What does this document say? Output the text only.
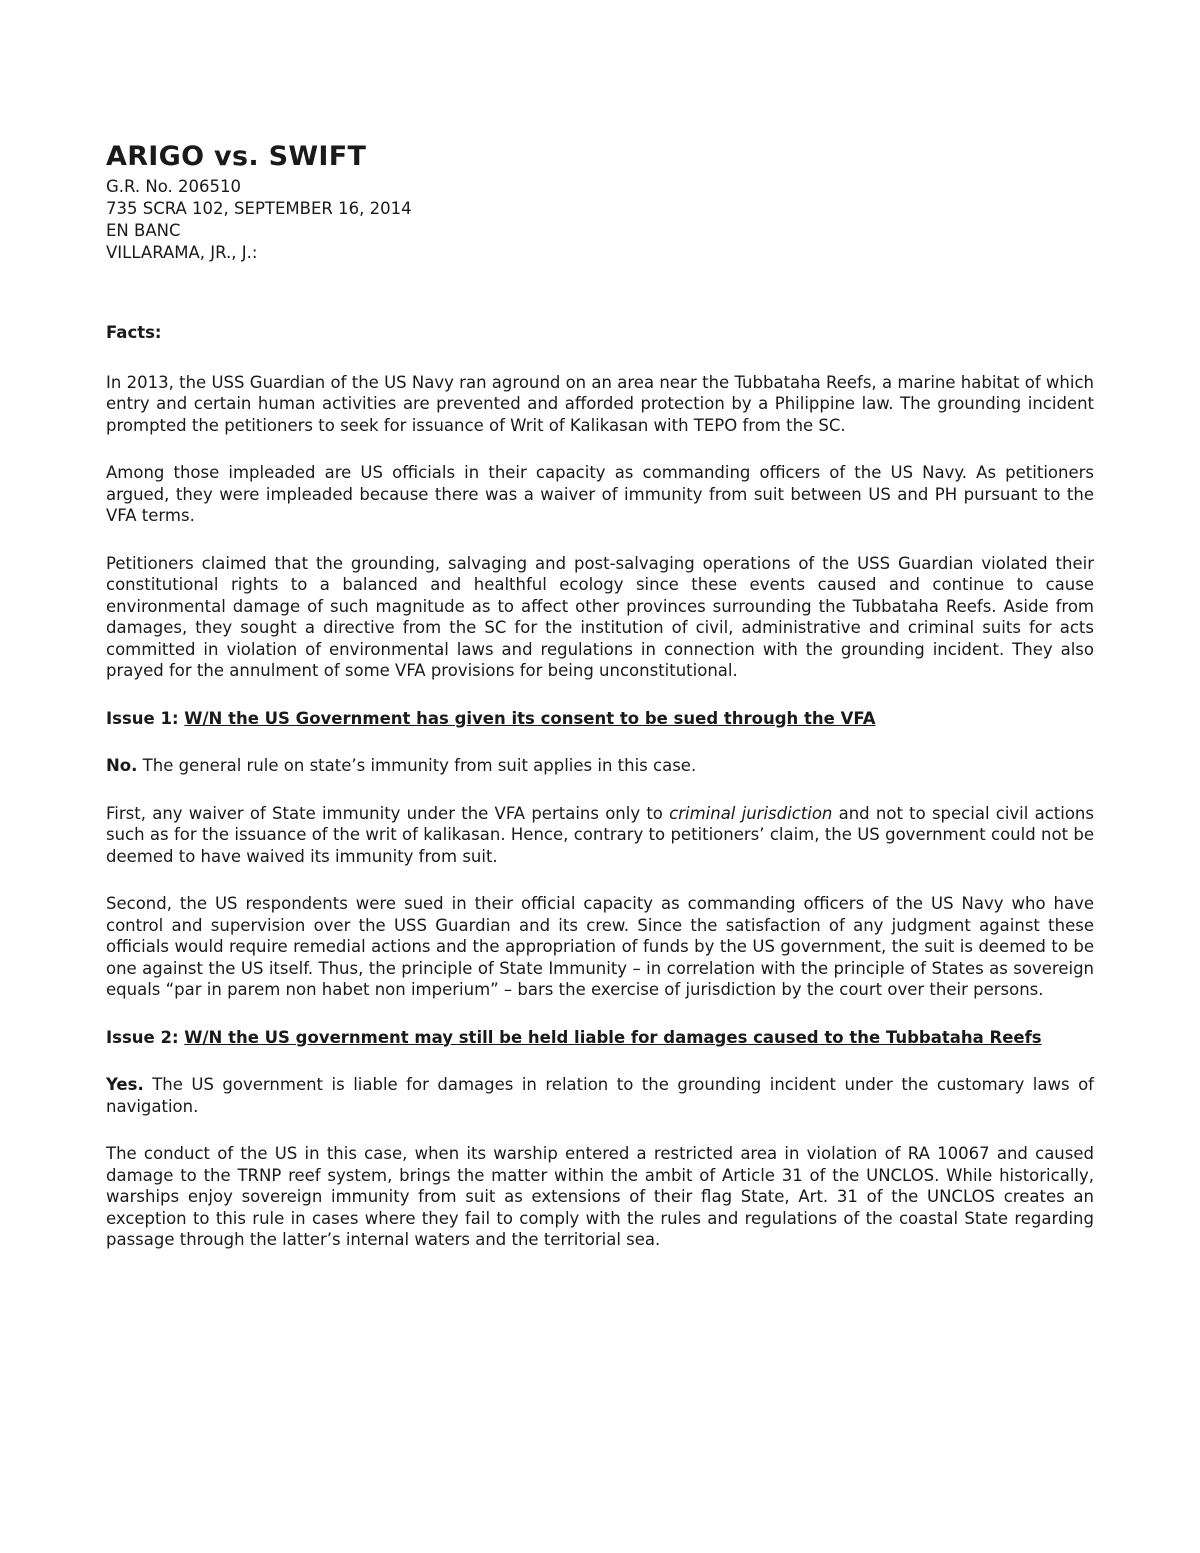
ARIGO vs. SWIFT
G.R. No. 206510
735 SCRA 102, SEPTEMBER 16, 2014
EN BANC
VILLARAMA, JR., J.:
Facts:

In 2013, the USS Guardian of the US Navy ran aground on an area near the Tubbataha Reefs, a marine habitat of which entry and certain human activities are prevented and afforded protection by a Philippine law. The grounding incident prompted the petitioners to seek for issuance of Writ of Kalikasan with TEPO from the SC.

Among those impleaded are US officials in their capacity as commanding officers of the US Navy. As petitioners argued, they were impleaded because there was a waiver of immunity from suit between US and PH pursuant to the VFA terms.

Petitioners claimed that the grounding, salvaging and post-salvaging operations of the USS Guardian violated their constitutional rights to a balanced and healthful ecology since these events caused and continue to cause environmental damage of such magnitude as to affect other provinces surrounding the Tubbataha Reefs. Aside from damages, they sought a directive from the SC for the institution of civil, administrative and criminal suits for acts committed in violation of environmental laws and regulations in connection with the grounding incident. They also prayed for the annulment of some VFA provisions for being unconstitutional.

Issue 1: W/N the US Government has given its consent to be sued through the VFA

No. The general rule on state’s immunity from suit applies in this case.

First, any waiver of State immunity under the VFA pertains only to criminal jurisdiction and not to special civil actions such as for the issuance of the writ of kalikasan. Hence, contrary to petitioners’ claim, the US government could not be deemed to have waived its immunity from suit.

Second, the US respondents were sued in their official capacity as commanding officers of the US Navy who have control and supervision over the USS Guardian and its crew. Since the satisfaction of any judgment against these officials would require remedial actions and the appropriation of funds by the US government, the suit is deemed to be one against the US itself. Thus, the principle of State Immunity – in correlation with the principle of States as sovereign equals “par in parem non habet non imperium” – bars the exercise of jurisdiction by the court over their persons.

Issue 2: W/N the US government may still be held liable for damages caused to the Tubbataha Reefs

Yes. The US government is liable for damages in relation to the grounding incident under the customary laws of navigation.

The conduct of the US in this case, when its warship entered a restricted area in violation of RA 10067 and caused damage to the TRNP reef system, brings the matter within the ambit of Article 31 of the UNCLOS. While historically, warships enjoy sovereign immunity from suit as extensions of their flag State, Art. 31 of the UNCLOS creates an exception to this rule in cases where they fail to comply with the rules and regulations of the coastal State regarding passage through the latter’s internal waters and the territorial sea.
